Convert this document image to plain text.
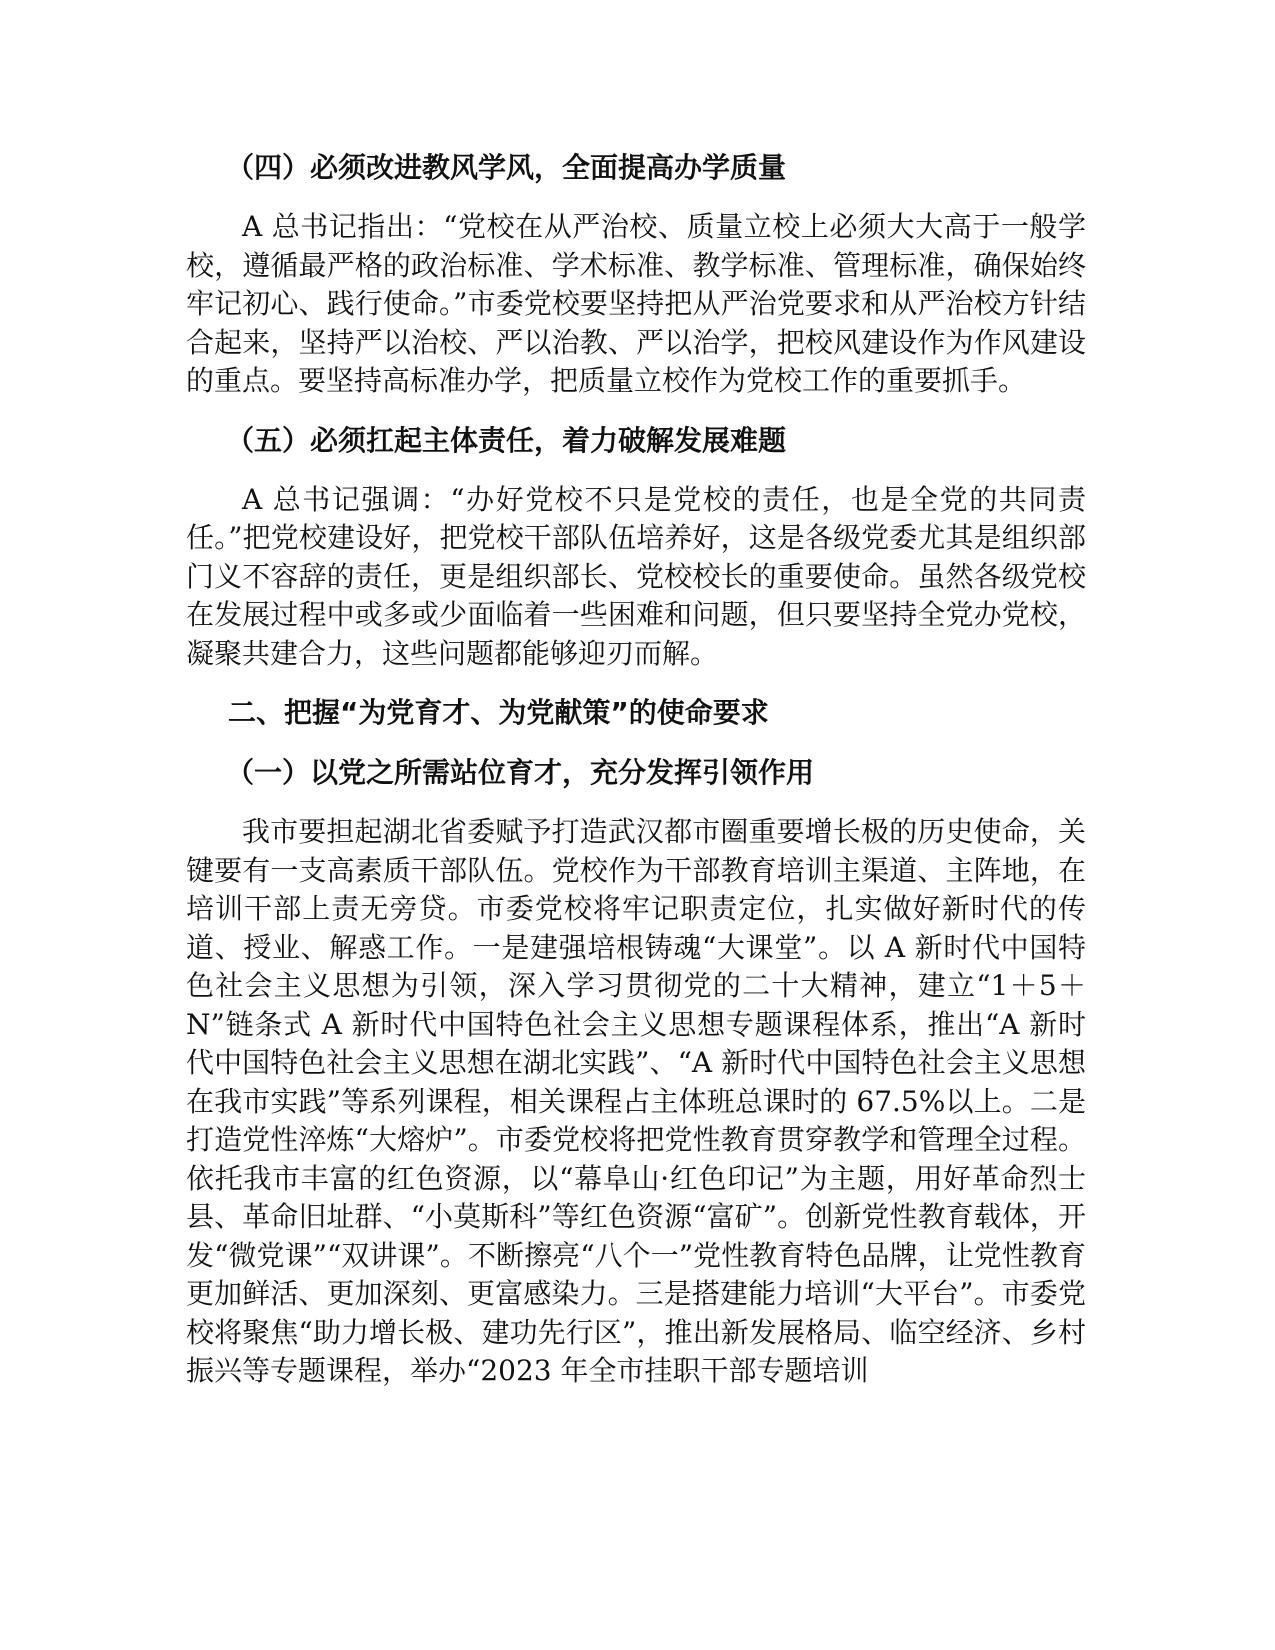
（四）必须改进教风学风，全面提高办学质量

A 总书记指出：“党校在从严治校、质量立校上必须大大高于一般学校，遵循最严格的政治标准、学术标准、教学标准、管理标准，确保始终牢记初心、践行使命。”市委党校要坚持把从严治党要求和从严治校方针结合起来，坚持严以治校、严以治教、严以治学，把校风建设作为作风建设的重点。要坚持高标准办学，把质量立校作为党校工作的重要抓手。

（五）必须扛起主体责任，着力破解发展难题

A 总书记强调：“办好党校不只是党校的责任，也是全党的共同责任。”把党校建设好，把党校干部队伍培养好，这是各级党委尤其是组织部门义不容辞的责任，更是组织部长、党校校长的重要使命。虽然各级党校在发展过程中或多或少面临着一些困难和问题，但只要坚持全党办党校，凝聚共建合力，这些问题都能够迎刃而解。

二、把握“为党育才、为党献策”的使命要求
（一）以党之所需站位育才，充分发挥引领作用

我市要担起湖北省委赋予打造武汉都市圈重要增长极的历史使命，关键要有一支高素质干部队伍。党校作为干部教育培训主渠道、主阵地，在培训干部上责无旁贷。市委党校将牢记职责定位，扎实做好新时代的传道、授业、解惑工作。一是建强培根铸魂“大课堂”。以 A 新时代中国特色社会主义思想为引领，深入学习贯彻党的二十大精神，建立“1＋5＋N”链条式 A 新时代中国特色社会主义思想专题课程体系，推出“A 新时代中国特色社会主义思想在湖北实践”、“A 新时代中国特色社会主义思想在我市实践”等系列课程，相关课程占主体班总课时的 67.5%以上。二是打造党性淬炼“大熔炉”。市委党校将把党性教育贯穿教学和管理全过程。依托我市丰富的红色资源，以“幕阜山·红色印记”为主题，用好革命烈士县、革命旧址群、“小莫斯科”等红色资源“富矿”。创新党性教育载体，开发“微党课”“双讲课”。不断擦亮“八个一”党性教育特色品牌，让党性教育更加鲜活、更加深刻、更富感染力。三是搭建能力培训“大平台”。市委党校将聚焦“助力增长极、建功先行区”，推出新发展格局、临空经济、乡村振兴等专题课程，举办“2023 年全市挂职干部专题培训
